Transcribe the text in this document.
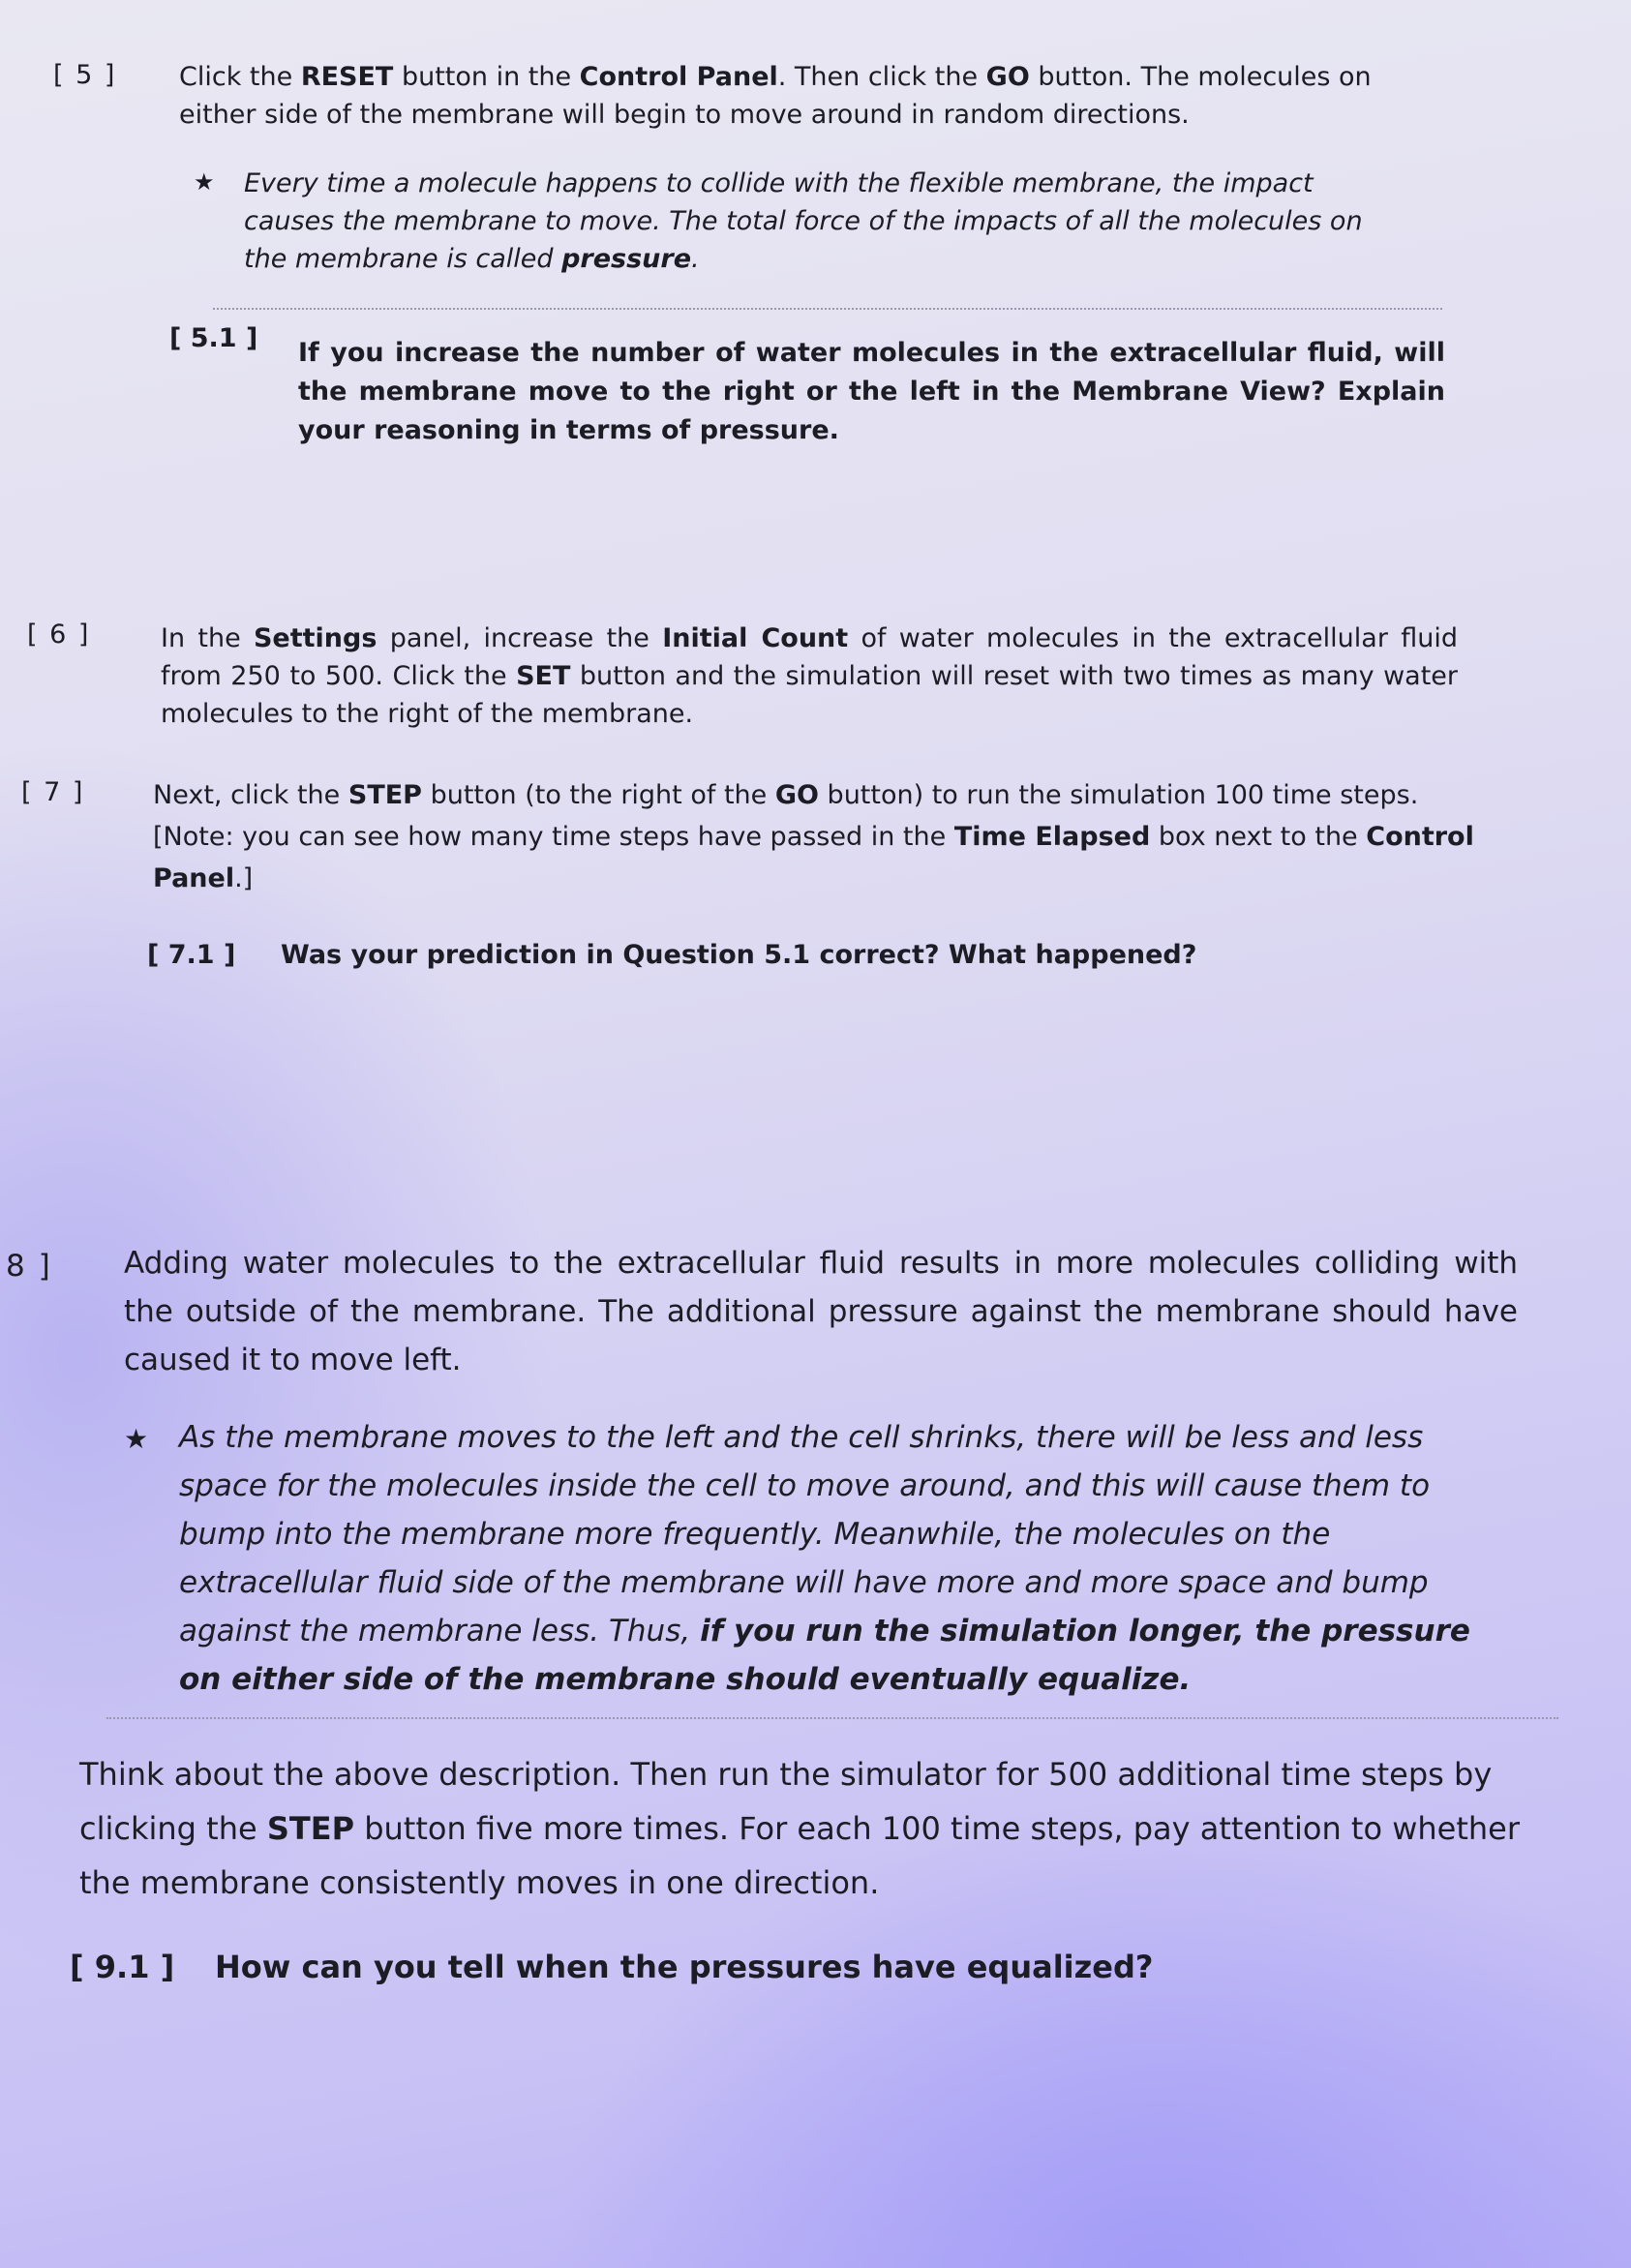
[ 5 ] Click the RESET button in the Control Panel. Then click the GO button. The molecules on either side of the membrane will begin to move around in random directions.
★ Every time a molecule happens to collide with the flexible membrane, the impact causes the membrane to move. The total force of the impacts of all the molecules on the membrane is called pressure.
[ 5.1 ] If you increase the number of water molecules in the extracellular fluid, will the membrane move to the right or the left in the Membrane View? Explain your reasoning in terms of pressure.
[ 6 ]	In the Settings panel, increase the Initial Count of water molecules in the extracellular fluid from 250 to 500. Click the SET button and the simulation will reset with two times as many water molecules to the right of the membrane.
[ 7 ]	Next, click the STEP button (to the right of the GO button) to run the simulation 100 time steps. [Note: you can see how many time steps have passed in the Time Elapsed box next to the Control Panel.]
[ 7.1 ] Was your prediction in Question 5.1 correct? What happened?
8 ] Adding water molecules to the extracellular fluid results in more molecules colliding with the outside of the membrane. The additional pressure against the membrane should have caused it to move left.
★ As the membrane moves to the left and the cell shrinks, there will be less and less space for the molecules inside the cell to move around, and this will cause them to bump into the membrane more frequently. Meanwhile, the molecules on the extracellular fluid side of the membrane will have more and more space and bump against the membrane less. Thus, if you run the simulation longer, the pressure on either side of the membrane should eventually equalize.
Think about the above description. Then run the simulator for 500 additional time steps by clicking the STEP button five more times. For each 100 time steps, pay attention to whether the membrane consistently moves in one direction.
[ 9.1 ] How can you tell when the pressures have equalized?
